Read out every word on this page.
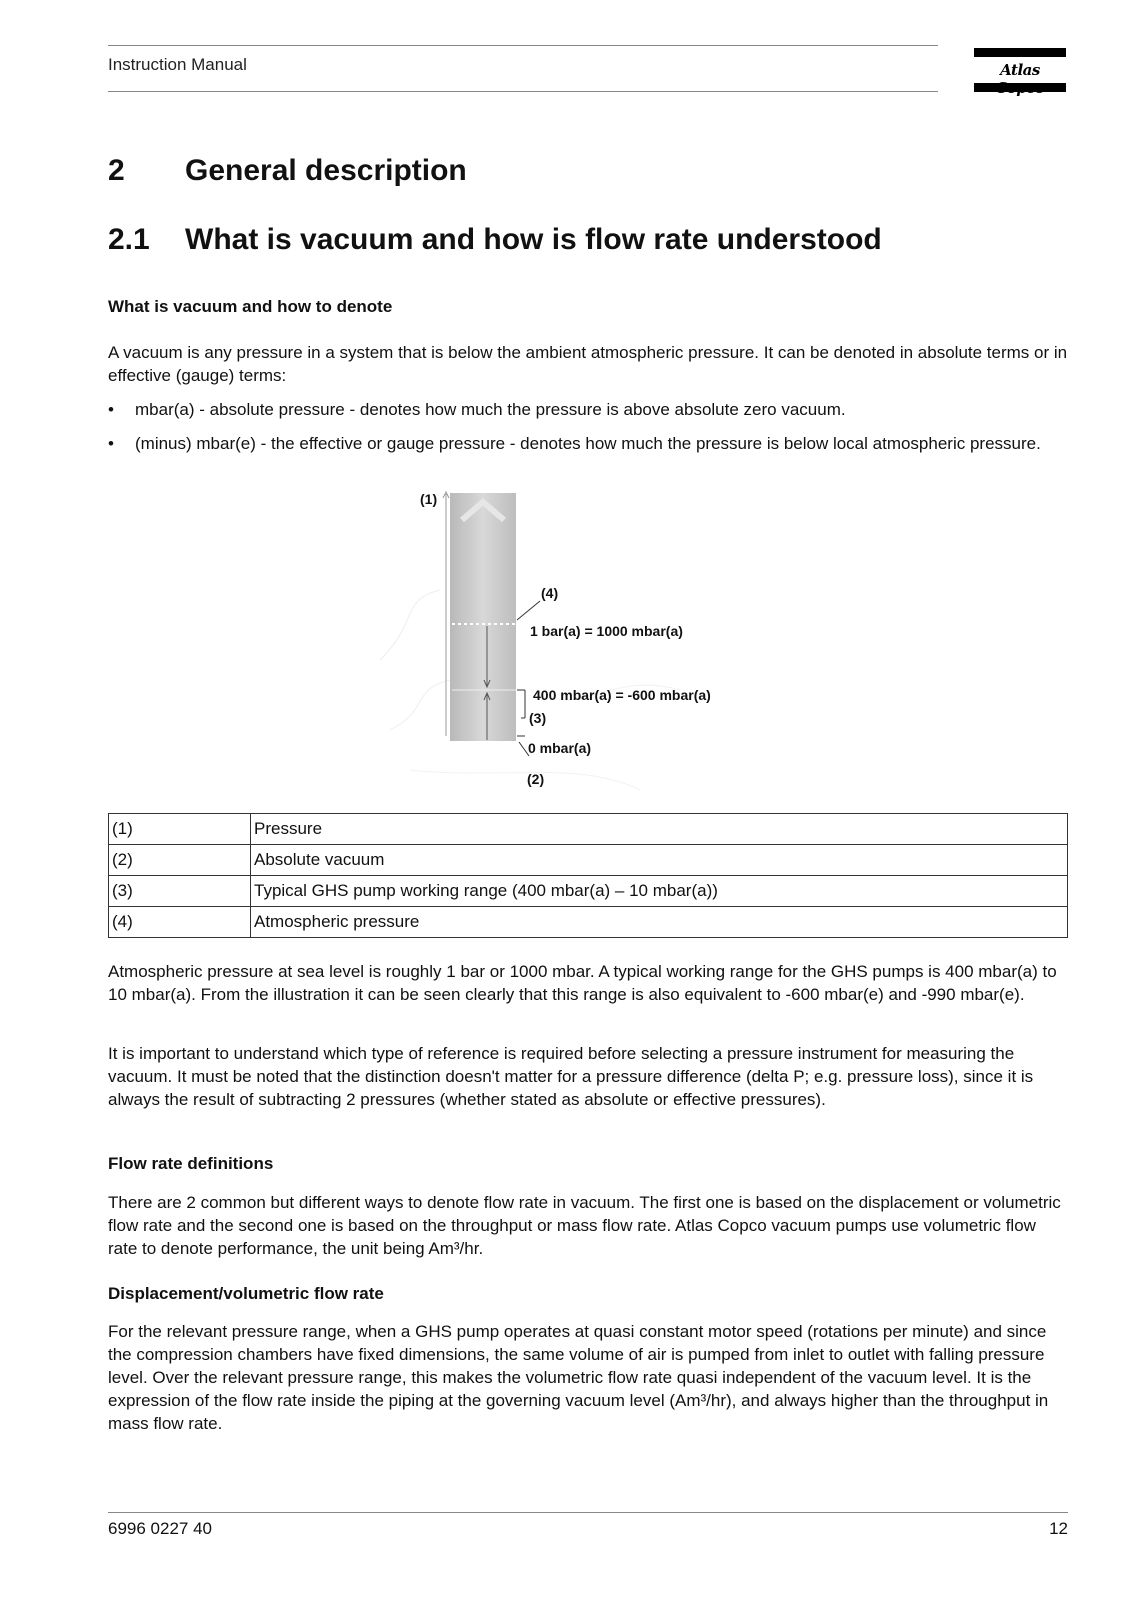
Instruction Manual	Atlas
2 General description
2.1 What is vacuum and how is flow rate understood
What is vacuum and how to denote
A vacuum is any pressure in a system that is below the ambient atmospheric pressure. It can be denoted in absolute terms or in effective (gauge) terms:
• mbar(a) - absolute pressure - denotes how much the pressure is above absolute zero vacuum.
• (minus) mbar(e) - the effective or gauge pressure - denotes how much the pressure is below local atmospheric pressure.
(1)
(4)
1 bar(a) = 1000 mbar(a)
400 mbar(a) = -600 mbar(a)
(3)
0 mbar(a)
(2)
(1)	Pressure
(2)	Absolute vacuum
(3)	Typical GHS pump working range (400 mbar(a) – 10 mbar(a))
(4)	Atmospheric pressure
Atmospheric pressure at sea level is roughly 1 bar or 1000 mbar. A typical working range for the GHS pumps is 400 mbar(a) to 10 mbar(a). From the illustration it can be seen clearly that this range is also equivalent to -600 mbar(e) and -990 mbar(e).
It is important to understand which type of reference is required before selecting a pressure instrument for measuring the vacuum. It must be noted that the distinction doesn't matter for a pressure difference (delta P; e.g. pressure loss), since it is always the result of subtracting 2 pressures (whether stated as absolute or effective pressures).
Flow rate definitions
There are 2 common but different ways to denote flow rate in vacuum. The first one is based on the displacement or volumetric flow rate and the second one is based on the throughput or mass flow rate. Atlas Copco vacuum pumps use volumetric flow rate to denote performance, the unit being Am³/hr.
Displacement/volumetric flow rate
For the relevant pressure range, when a GHS pump operates at quasi constant motor speed (rotations per minute) and since the compression chambers have fixed dimensions, the same volume of air is pumped from inlet to outlet with falling pressure level. Over the relevant pressure range, this makes the volumetric flow rate quasi independent of the vacuum level. It is the expression of the flow rate inside the piping at the governing vacuum level (Am³/hr), and always higher than the throughput in mass flow rate.
6996 0227 40	12
